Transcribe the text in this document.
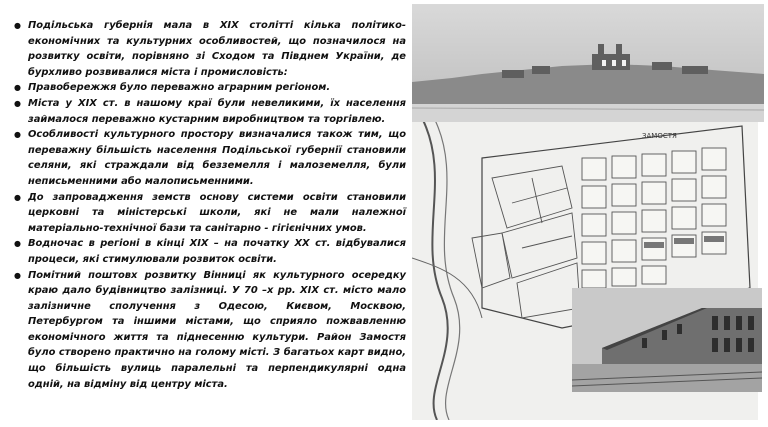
● Подільська губернія мала в XIX столітті кілька політико-економічних та культурних особливостей, що позначилося на розвитку освіти, порівняно зі Сходом та Півднем України, де бурхливо розвивалися міста і промисловість:
● Правобережжя було переважно аграрним регіоном.
● Міста у XIX ст. в нашому краї були невеликими, їх населення займалося переважно кустарним виробництвом та торгівлею.
● Особливості культурного простору визначалися також тим, що переважну більшість населення Подільської губернії становили селяни, які страждали від безземелля і малоземелля, були неписьменними або малописьменними.
● До запровадження земств основу системи освіти становили церковні та міністерські школи, які не мали належної матеріально-технічної бази та санітарно - гігієнічних умов.
● Водночас в регіоні в кінці XIX – на початку XX ст. відбувалися процеси, які стимулювали розвиток освіти.
● Помітний поштовх розвитку Вінниці як культурного осередку краю дало будівництво залізниці. У 70 –х рр. XIX ст. місто мало залізничне сполучення з Одесою, Києвом, Москвою, Петербургом та іншими містами, що сприяло пожвавленню економічного життя та піднесенню культури. Район Замостя було створено практично на голому місті. З багатьох карт видно, що більшість вулиць паралельні та перпендикулярні одна одній, на відміну від центру міста.
ЗАМОСТЯ
